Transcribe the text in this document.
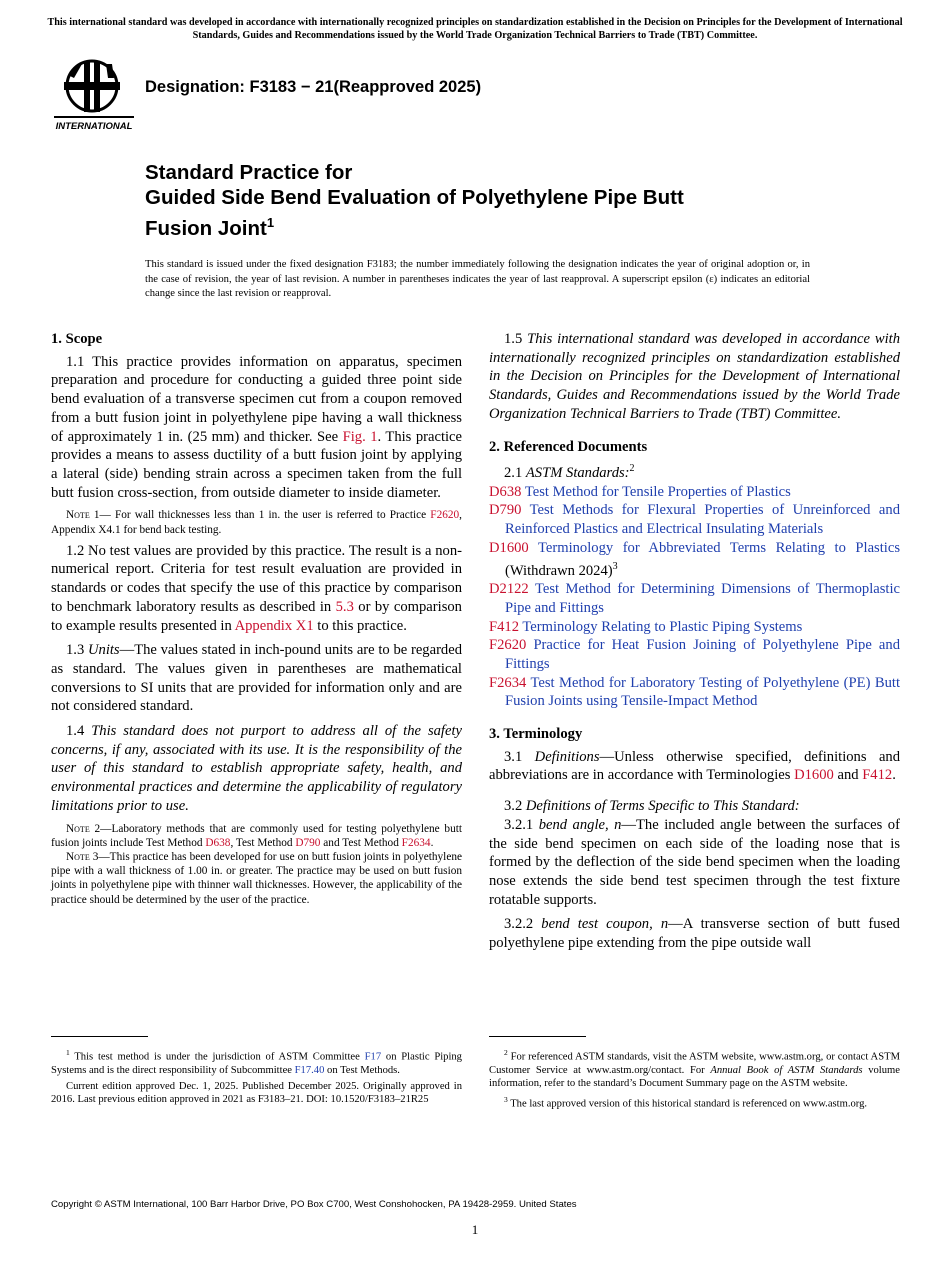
This international standard was developed in accordance with internationally recognized principles on standardization established in the Decision on Principles for the Development of International Standards, Guides and Recommendations issued by the World Trade Organization Technical Barriers to Trade (TBT) Committee.
INTERNATIONAL
Designation: F3183 − 21(Reapproved 2025)
Standard Practice for
Guided Side Bend Evaluation of Polyethylene Pipe Butt
Fusion Joint$^1$
This standard is issued under the fixed designation F3183; the number immediately following the designation indicates the year of original adoption or, in the case of revision, the year of last revision. A number in parentheses indicates the year of last reapproval. A superscript epsilon (ε) indicates an editorial change since the last revision or reapproval.
1. Scope

1.1 This practice provides information on apparatus, specimen preparation and procedure for conducting a guided three point side bend evaluation of a transverse specimen cut from a coupon removed from a butt fusion joint in polyethylene pipe having a wall thickness of approximately 1 in. (25 mm) and thicker. See Fig. 1. This practice provides a means to assess ductility of a butt fusion joint by applying a lateral (side) bending strain across a specimen taken from the full butt fusion cross-section, from outside diameter to inside diameter.

Note 1— For wall thicknesses less than 1 in. the user is referred to Practice F2620, Appendix X4.1 for bend back testing.

1.2 No test values are provided by this practice. The result is a non-numerical report. Criteria for test result evaluation are provided in standards or codes that specify the use of this practice by comparison to benchmark laboratory results as described in 5.3 or by comparison to example results presented in Appendix X1 to this practice.

1.3 Units—The values stated in inch-pound units are to be regarded as standard. The values given in parentheses are mathematical conversions to SI units that are provided for information only and are not considered standard.

1.4 This standard does not purport to address all of the safety concerns, if any, associated with its use. It is the responsibility of the user of this standard to establish appropriate safety, health, and environmental practices and determine the applicability of regulatory limitations prior to use.

Note 2—Laboratory methods that are commonly used for testing polyethylene butt fusion joints include Test Method D638, Test Method D790 and Test Method F2634.
Note 3—This practice has been developed for use on butt fusion joints in polyethylene pipe with a wall thickness of 1.00 in. or greater. The practice may be used on butt fusion joints in polyethylene pipe with thinner wall thicknesses. However, the applicability of the practice should be determined by the user of the practice.

1.5 This international standard was developed in accordance with internationally recognized principles on standardization established in the Decision on Principles for the Development of International Standards, Guides and Recommendations issued by the World Trade Organization Technical Barriers to Trade (TBT) Committee.

2. Referenced Documents
2.1 ASTM Standards:$^2$
D638 Test Method for Tensile Properties of Plastics
D790 Test Methods for Flexural Properties of Unreinforced and Reinforced Plastics and Electrical Insulating Materials
D1600 Terminology for Abbreviated Terms Relating to Plastics (Withdrawn 2024)$^3$
D2122 Test Method for Determining Dimensions of Thermoplastic Pipe and Fittings
F412 Terminology Relating to Plastic Piping Systems
F2620 Practice for Heat Fusion Joining of Polyethylene Pipe and Fittings
F2634 Test Method for Laboratory Testing of Polyethylene (PE) Butt Fusion Joints using Tensile-Impact Method
3. Terminology

3.1 Definitions—Unless otherwise specified, definitions and abbreviations are in accordance with Terminologies D1600 and F412.

3.2 Definitions of Terms Specific to This Standard:

3.2.1 bend angle, n—The included angle between the surfaces of the side bend specimen on each side of the loading nose that is formed by the deflection of the side bend specimen when the loading nose extends the side bend test specimen through the test fixture rotatable supports.

3.2.2 bend test coupon, n—A transverse section of butt fused polyethylene pipe extending from the pipe outside wall

$^1$ This test method is under the jurisdiction of ASTM Committee F17 on Plastic Piping Systems and is the direct responsibility of Subcommittee F17.40 on Test Methods.

Current edition approved Dec. 1, 2025. Published December 2025. Originally approved in 2016. Last previous edition approved in 2021 as F3183–21. DOI: 10.1520/F3183–21R25

$^2$ For referenced ASTM standards, visit the ASTM website, www.astm.org, or contact ASTM Customer Service at www.astm.org/contact. For Annual Book of ASTM Standards volume information, refer to the standard’s Document Summary page on the ASTM website.

$^3$ The last approved version of this historical standard is referenced on www.astm.org.

Copyright © ASTM International, 100 Barr Harbor Drive, PO Box C700, West Conshohocken, PA 19428-2959. United States
1
